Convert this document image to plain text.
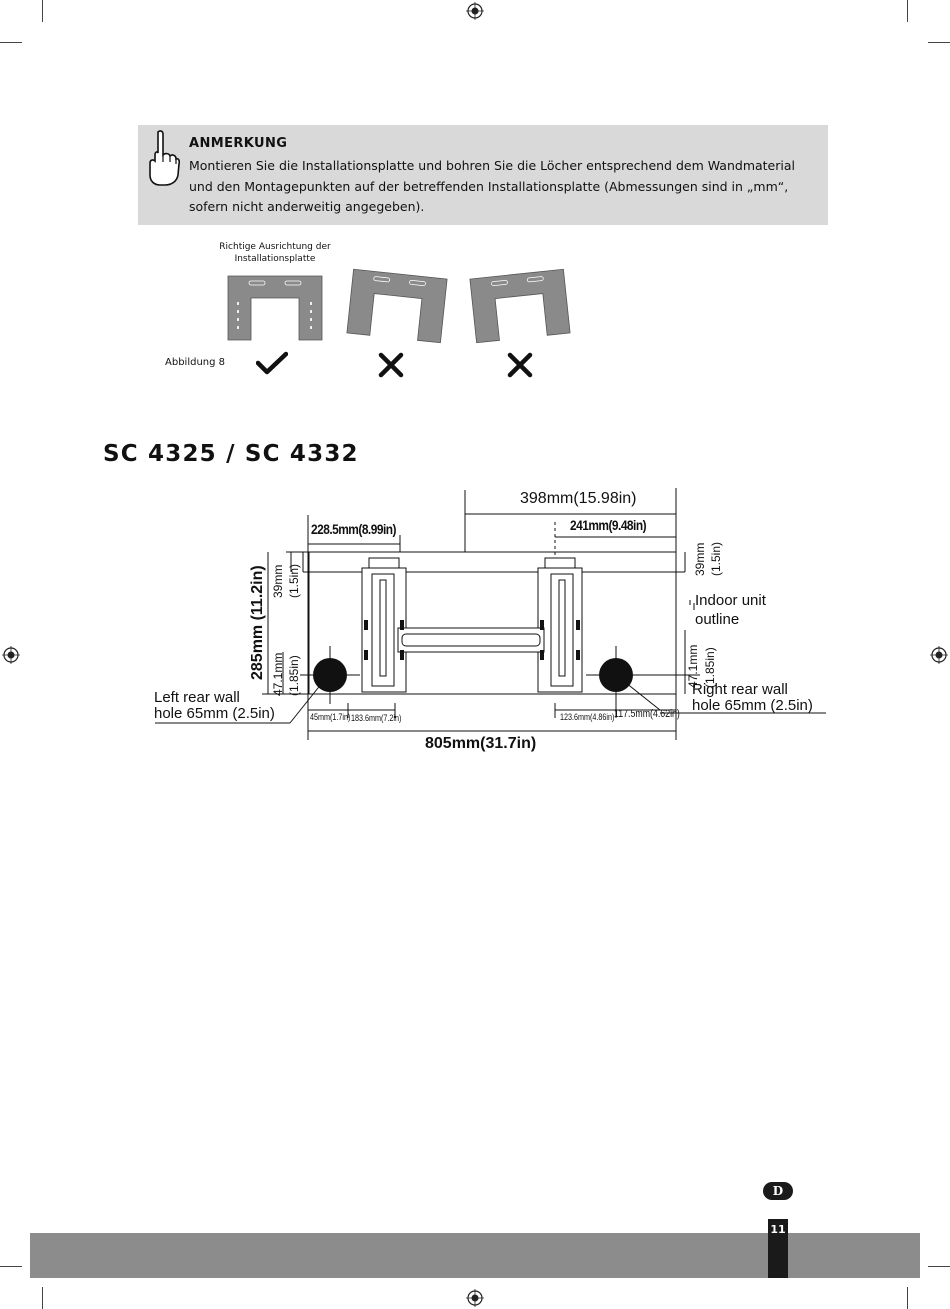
ANMERKUNG
Montieren Sie die Installationsplatte und bohren Sie die Löcher entsprechend dem Wandmaterial und den Montagepunkten auf der betreffenden Installationsplatte (Abmessungen sind in „mm“, sofern nicht anderweitig angegeben).
Richtige Ausrichtung der Installationsplatte
Abbildung 8
SC 4325 / SC 4332
398mm(15.98in)
228.5mm(8.99in)	241mm(9.48in)
285mm (11.2in) 39mm (1.5in)
47.1mm (1.85in)
39mm (1.5in)
47.1mm (1.85in)
Indoor unit
outline
Left rear wall
hole 65mm (2.5in)
Right rear wall
hole 65mm (2.5in)
45mm(1.7in) 183.6mm(7.2in)	123.6mm(4.86in) 117.5mm(4.62in)
805mm(31.7in)
D
11
